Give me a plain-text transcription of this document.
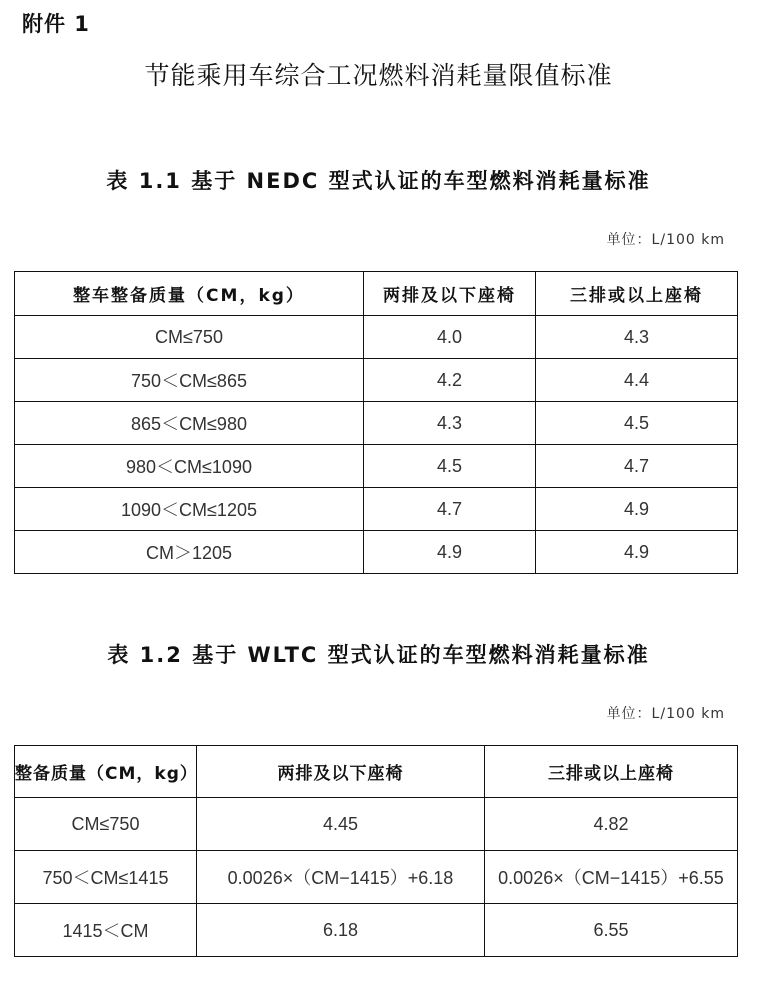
附件 1
节能乘用车综合工况燃料消耗量限值标准
表 1.1 基于 NEDC 型式认证的车型燃料消耗量标准
单位：L/100 km
整车整备质量（CM，kg）	两排及以下座椅	三排或以上座椅
CM≤750	4.0	4.3
750＜CM≤865	4.2	4.4
865＜CM≤980	4.3	4.5
980＜CM≤1090	4.5	4.7
1090＜CM≤1205	4.7	4.9
CM＞1205	4.9	4.9
表 1.2 基于 WLTC 型式认证的车型燃料消耗量标准
单位：L/100 km
整备质量（CM，kg）	两排及以下座椅	三排或以上座椅
CM≤750	4.45	4.82
750＜CM≤1415	0.0026×（CM−1415）+6.18	0.0026×（CM−1415）+6.55
1415＜CM	6.18	6.55
